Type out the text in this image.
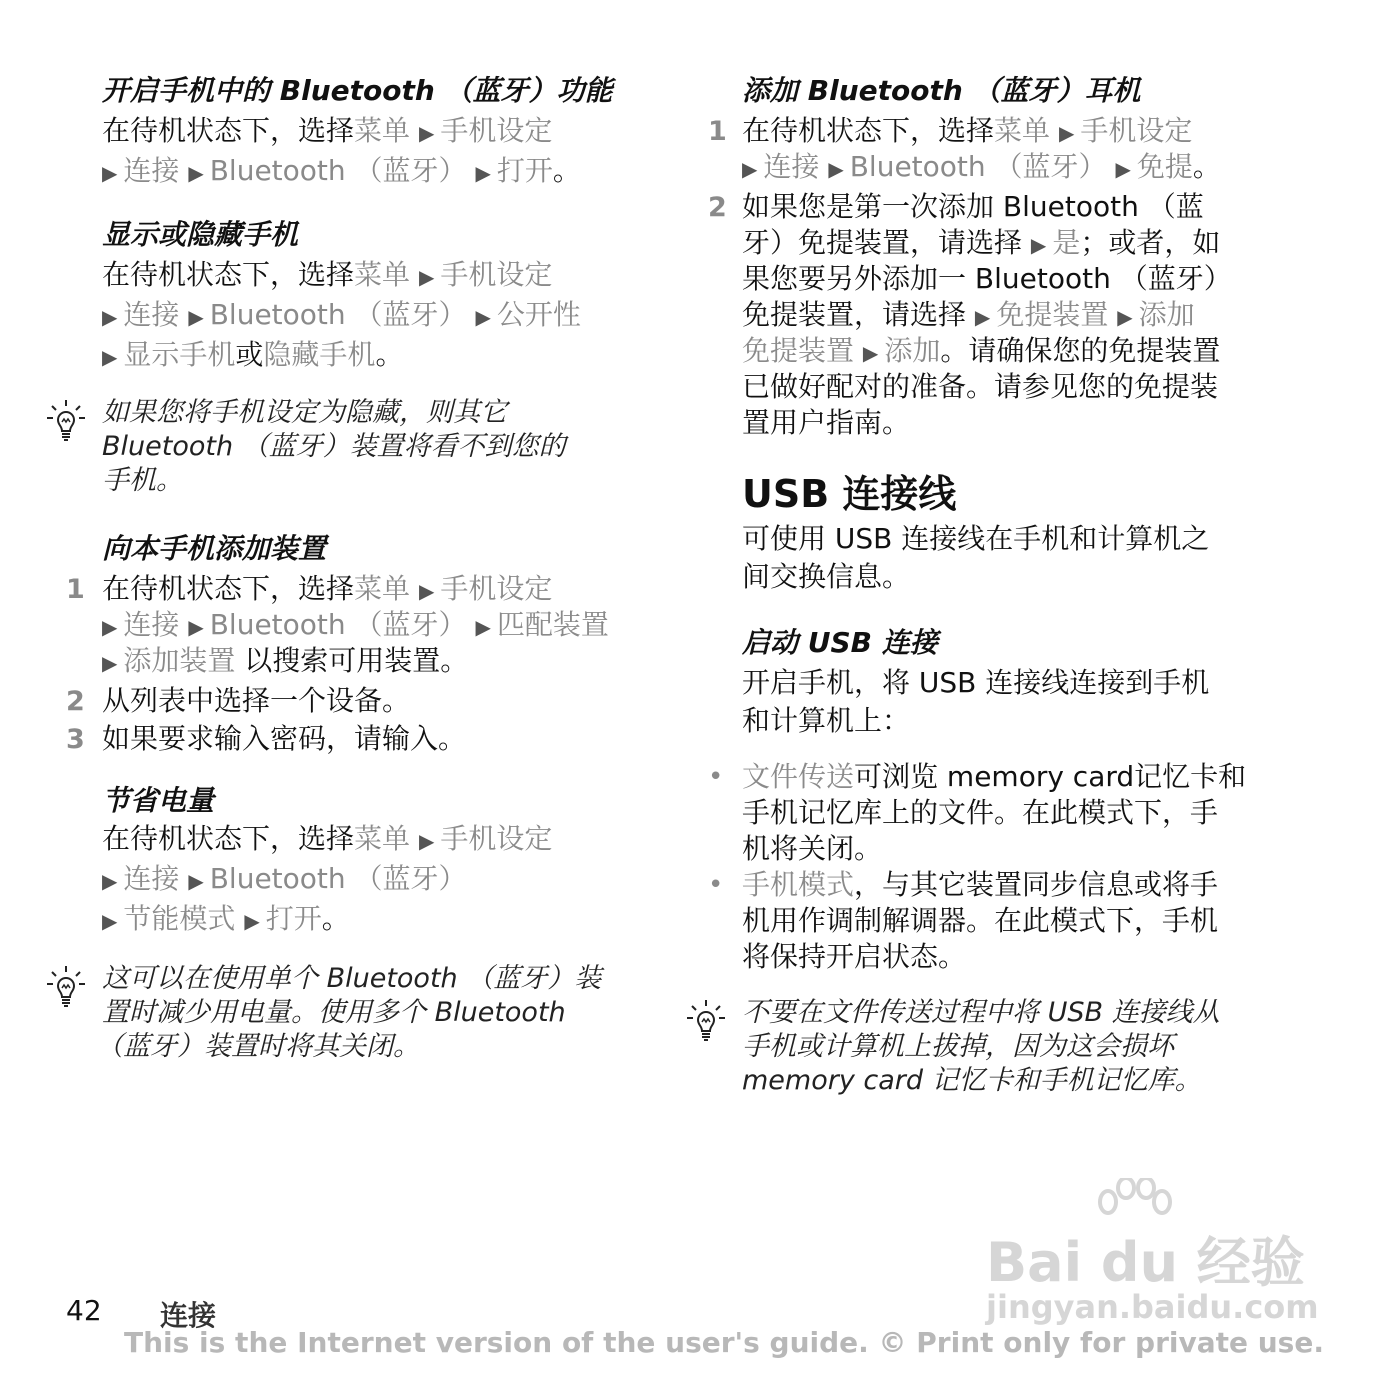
开启手机中的 Bluetooth （蓝牙）功能
在待机状态下，选择菜单 ▶ 手机设定
▶ 连接 ▶ Bluetooth （蓝牙） ▶ 打开。
显示或隐藏手机
在待机状态下，选择菜单 ▶ 手机设定
▶ 连接 ▶ Bluetooth （蓝牙） ▶ 公开性
▶ 显示手机或隐藏手机。
如果您将手机设定为隐藏，则其它
Bluetooth （蓝牙）装置将看不到您的
手机。
向本手机添加装置
1 在待机状态下，选择菜单 ▶ 手机设定
▶ 连接 ▶ Bluetooth （蓝牙） ▶ 匹配装置
▶ 添加装置 以搜索可用装置。
2 从列表中选择一个设备。
3 如果要求输入密码，请输入。
节省电量
在待机状态下，选择菜单 ▶ 手机设定
▶ 连接 ▶ Bluetooth （蓝牙）
▶ 节能模式 ▶ 打开。
这可以在使用单个 Bluetooth （蓝牙）装
置时减少用电量。使用多个 Bluetooth
（蓝牙）装置时将其关闭。
添加 Bluetooth （蓝牙）耳机
1 在待机状态下，选择菜单 ▶ 手机设定
▶ 连接 ▶ Bluetooth （蓝牙） ▶ 免提。
2 如果您是第一次添加 Bluetooth （蓝
牙）免提装置，请选择 ▶ 是；或者，如
果您要另外添加一 Bluetooth （蓝牙）
免提装置，请选择 ▶ 免提装置 ▶ 添加
免提装置 ▶ 添加。请确保您的免提装置
已做好配对的准备。请参见您的免提装
置用户指南。
USB 连接线
可使用 USB 连接线在手机和计算机之
间交换信息。
启动 USB 连接
开启手机，将 USB 连接线连接到手机
和计算机上：
• 文件传送可浏览 memory card记忆卡和
手机记忆库上的文件。在此模式下，手
机将关闭。
• 手机模式，与其它装置同步信息或将手
机用作调制解调器。在此模式下，手机
将保持开启状态。
不要在文件传送过程中将 USB 连接线从
手机或计算机上拔掉，因为这会损坏
memory card 记忆卡和手机记忆库。
Bai du 经验
jingyan.baidu.com
42 连接
This is the Internet version of the user's guide. © Print only for private use.
